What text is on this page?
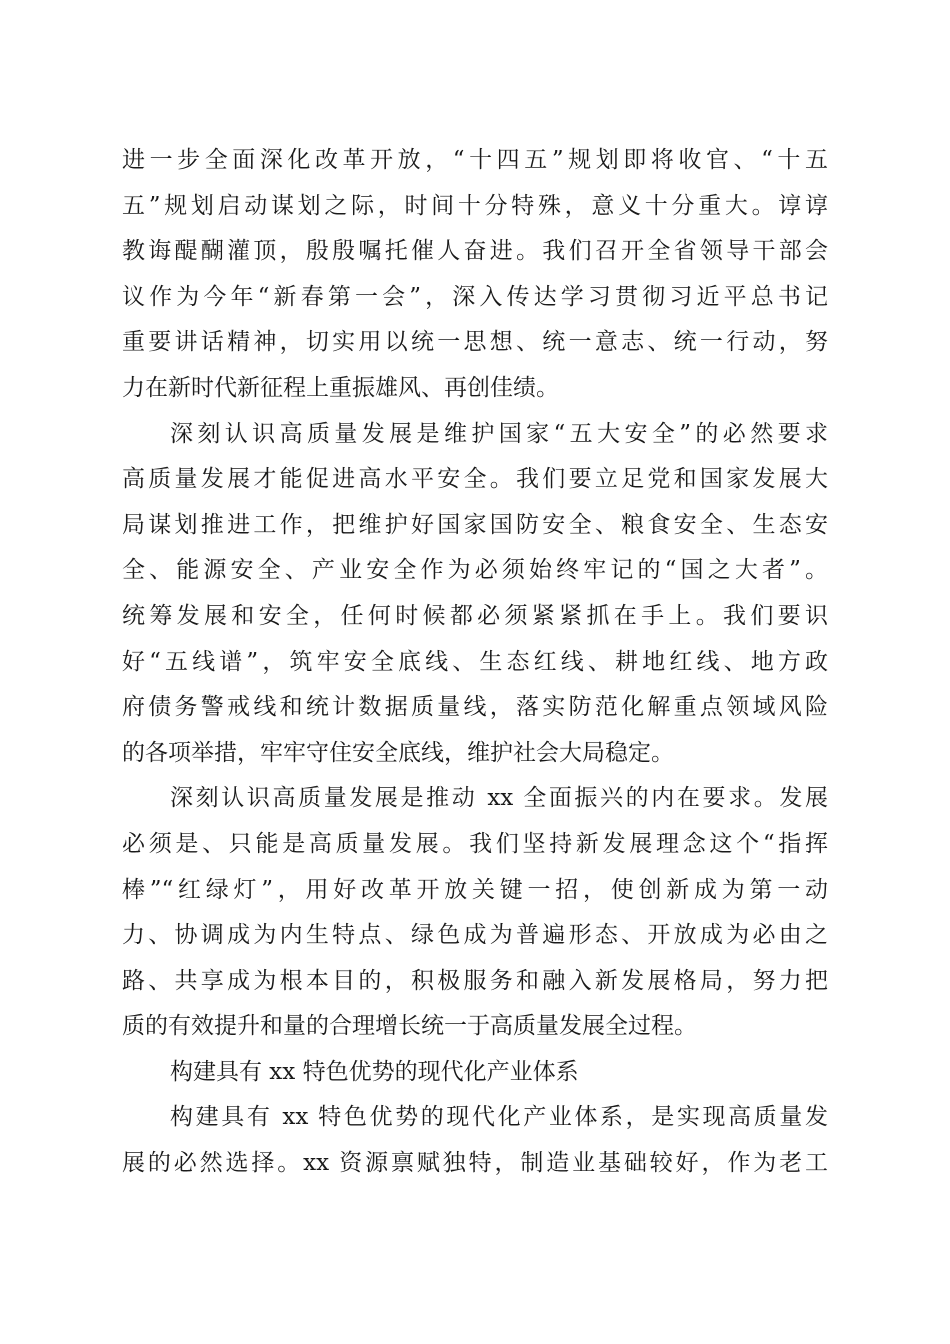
进一步全面深化改革开放，“十四五”规划即将收官、“十五
五”规划启动谋划之际，时间十分特殊，意义十分重大。谆谆
教诲醍醐灌顶，殷殷嘱托催人奋进。我们召开全省领导干部会
议作为今年“新春第一会”，深入传达学习贯彻习近平总书记
重要讲话精神，切实用以统一思想、统一意志、统一行动，努
力在新时代新征程上重振雄风、再创佳绩。
深刻认识高质量发展是维护国家“五大安全”的必然要求
高质量发展才能促进高水平安全。我们要立足党和国家发展大
局谋划推进工作，把维护好国家国防安全、粮食安全、生态安
全、能源安全、产业安全作为必须始终牢记的“国之大者”。
统筹发展和安全，任何时候都必须紧紧抓在手上。我们要识
好“五线谱”，筑牢安全底线、生态红线、耕地红线、地方政
府债务警戒线和统计数据质量线，落实防范化解重点领域风险
的各项举措，牢牢守住安全底线，维护社会大局稳定。
深刻认识高质量发展是推动 xx 全面振兴的内在要求。发展
必须是、只能是高质量发展。我们坚持新发展理念这个“指挥
棒”“红绿灯”，用好改革开放关键一招，使创新成为第一动
力、协调成为内生特点、绿色成为普遍形态、开放成为必由之
路、共享成为根本目的，积极服务和融入新发展格局，努力把
质的有效提升和量的合理增长统一于高质量发展全过程。
构建具有 xx 特色优势的现代化产业体系
构建具有 xx 特色优势的现代化产业体系，是实现高质量发
展的必然选择。xx 资源禀赋独特，制造业基础较好，作为老工
